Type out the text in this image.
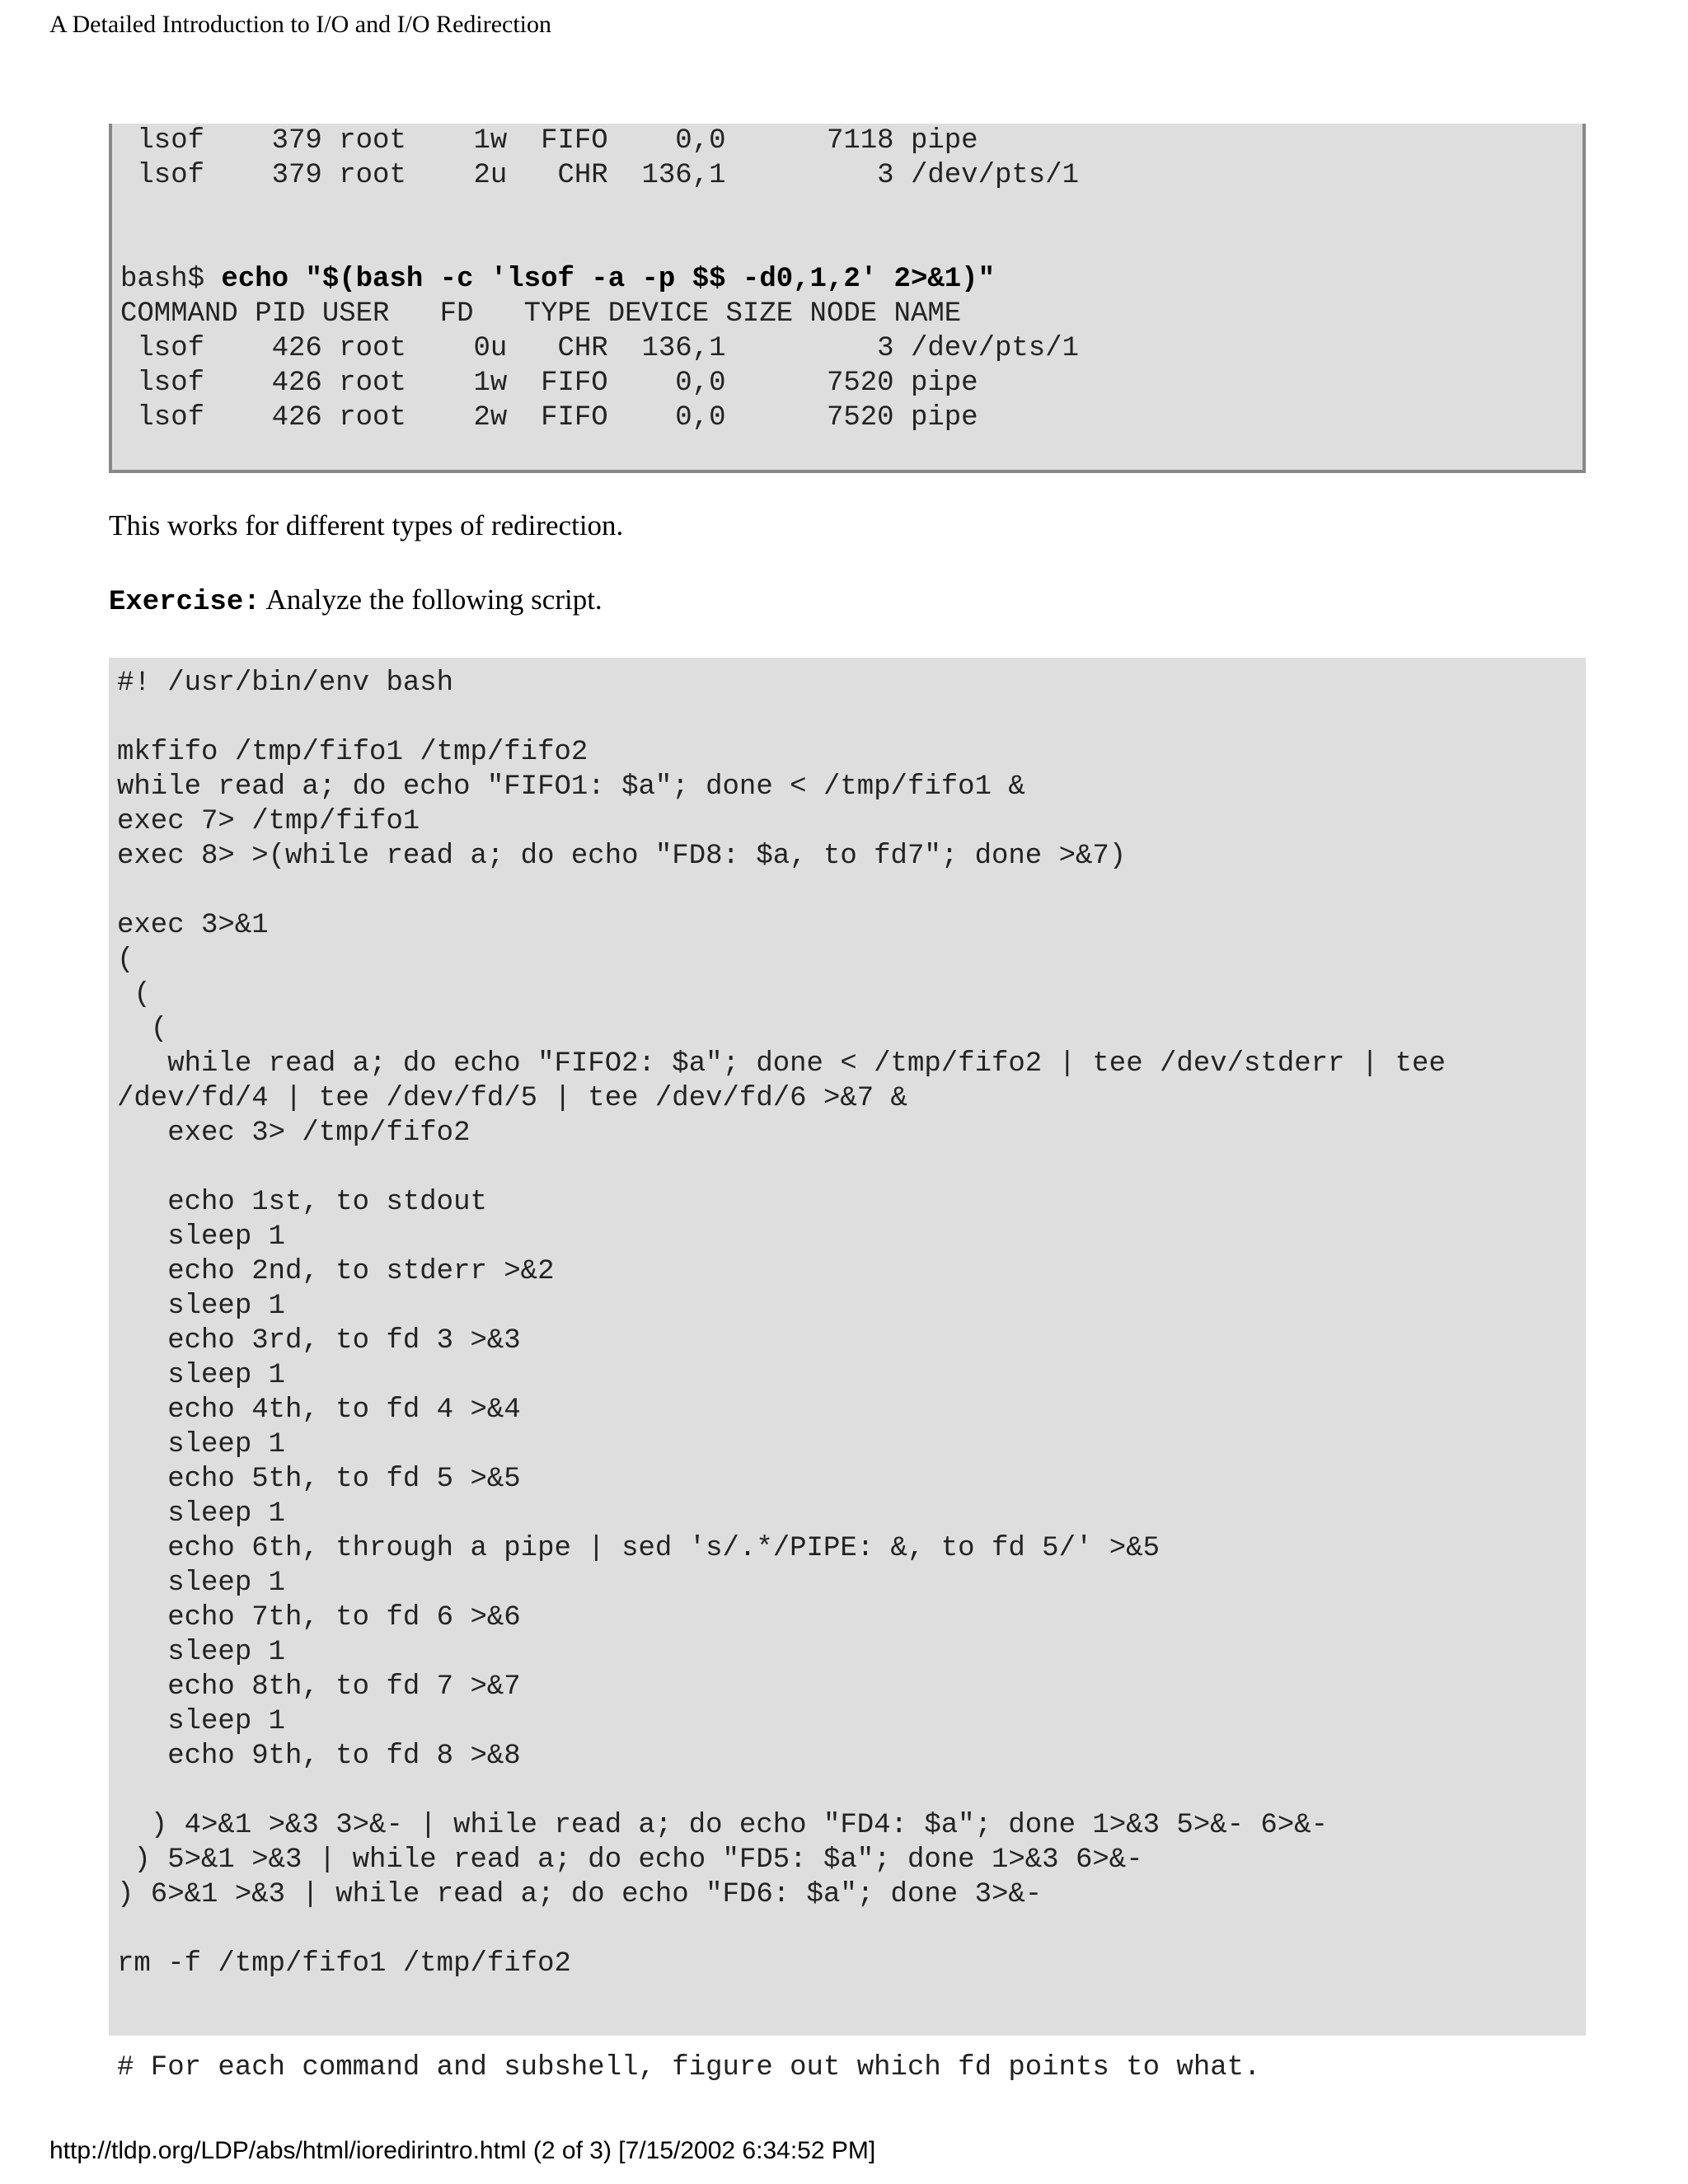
A Detailed Introduction to I/O and I/O Redirection
lsof    379 root    1w  FIFO    0,0      7118 pipe
lsof    379 root    2u   CHR  136,1         3 /dev/pts/1

bash$ echo "$(bash -c 'lsof -a -p $$ -d0,1,2' 2>&1)"
COMMAND PID USER   FD   TYPE DEVICE SIZE NODE NAME
lsof    426 root    0u   CHR  136,1         3 /dev/pts/1
lsof    426 root    1w  FIFO    0,0      7520 pipe
lsof    426 root    2w  FIFO    0,0      7520 pipe
This works for different types of redirection.
Exercise: Analyze the following script.
#! /usr/bin/env bash

mkfifo /tmp/fifo1 /tmp/fifo2
while read a; do echo "FIFO1: $a"; done < /tmp/fifo1 &
exec 7> /tmp/fifo1
exec 8> >(while read a; do echo "FD8: $a, to fd7"; done >&7)

exec 3>&1
(
(
(
while read a; do echo "FIFO2: $a"; done < /tmp/fifo2 | tee /dev/stderr | tee
/dev/fd/4 | tee /dev/fd/5 | tee /dev/fd/6 >&7 &
exec 3> /tmp/fifo2

echo 1st, to stdout
sleep 1
echo 2nd, to stderr >&2
sleep 1
echo 3rd, to fd 3 >&3
sleep 1
echo 4th, to fd 4 >&4
sleep 1
echo 5th, to fd 5 >&5
sleep 1
echo 6th, through a pipe | sed 's/.*/PIPE: &, to fd 5/' >&5
sleep 1
echo 7th, to fd 6 >&6
sleep 1
echo 8th, to fd 7 >&7
sleep 1
echo 9th, to fd 8 >&8

) 4>&1 >&3 3>&- | while read a; do echo "FD4: $a"; done 1>&3 5>&- 6>&-
) 5>&1 >&3 | while read a; do echo "FD5: $a"; done 1>&3 6>&-
) 6>&1 >&3 | while read a; do echo "FD6: $a"; done 3>&-

rm -f /tmp/fifo1 /tmp/fifo2

# For each command and subshell, figure out which fd points to what.
http://tldp.org/LDP/abs/html/ioredirintro.html (2 of 3) [7/15/2002 6:34:52 PM]
